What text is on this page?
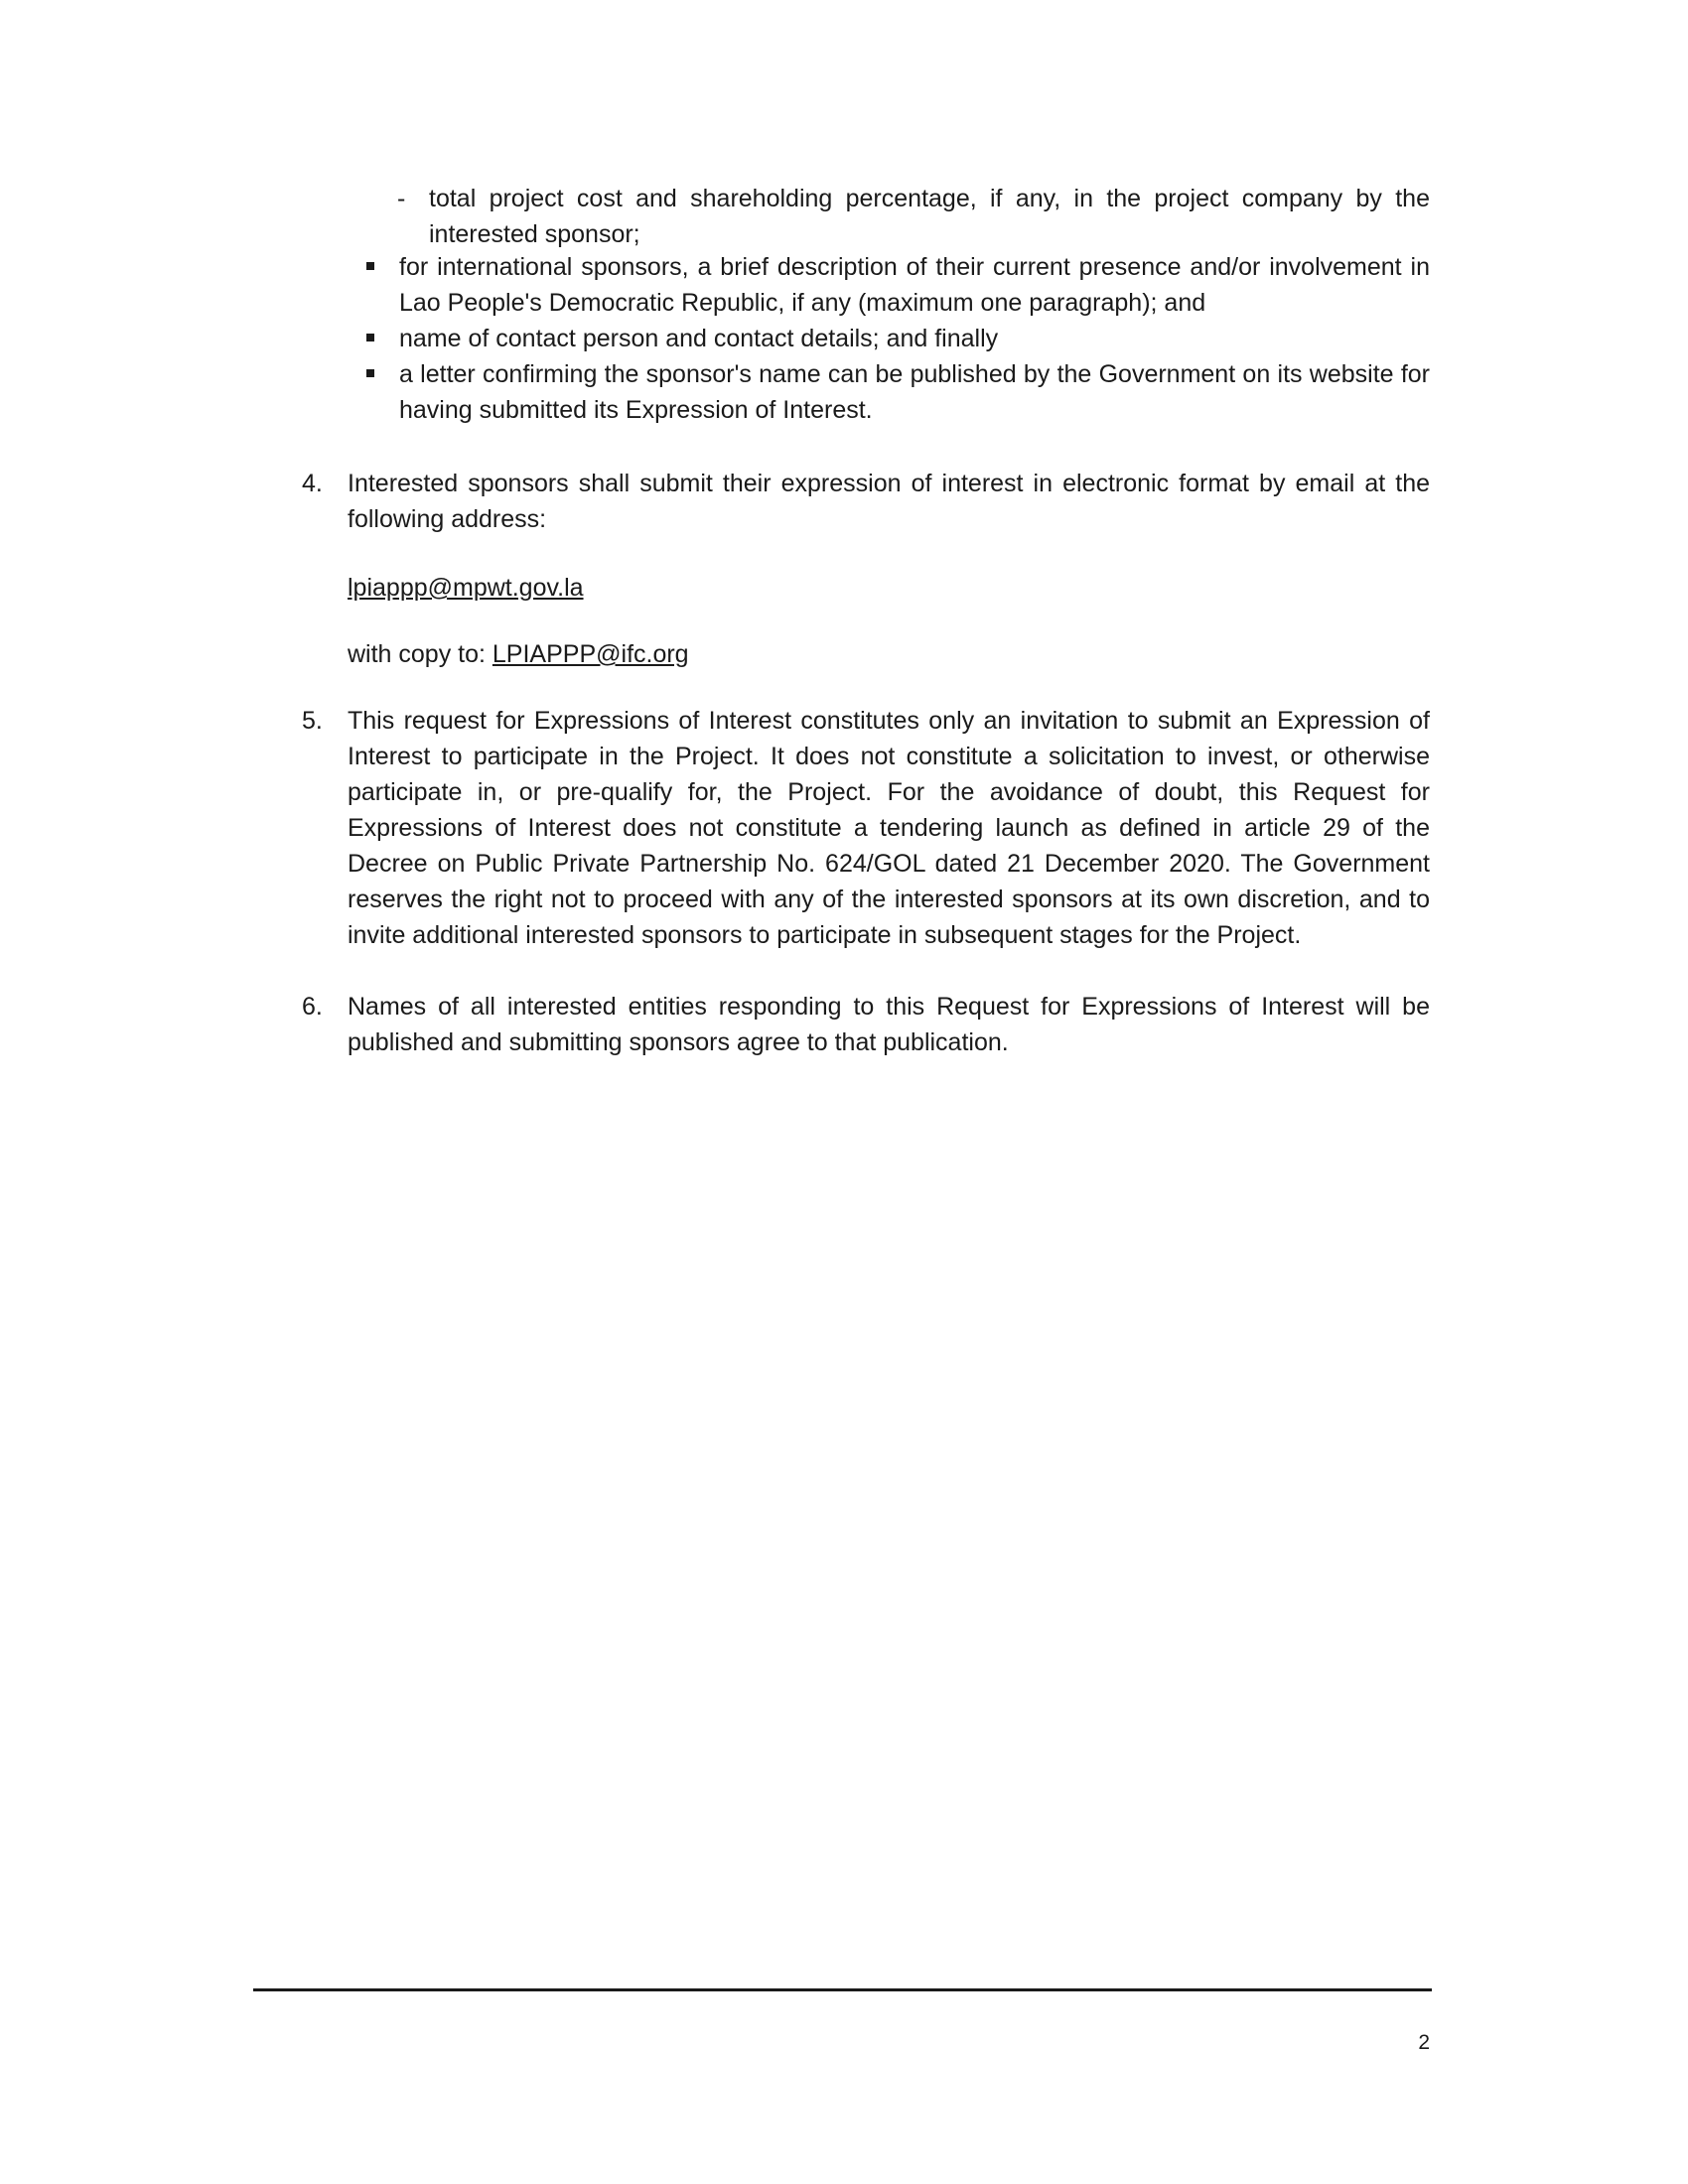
- total project cost and shareholding percentage, if any, in the project company by the interested sponsor;
for international sponsors, a brief description of their current presence and/or involvement in Lao People's Democratic Republic, if any (maximum one paragraph); and
name of contact person and contact details; and finally
a letter confirming the sponsor's name can be published by the Government on its website for having submitted its Expression of Interest.
4. Interested sponsors shall submit their expression of interest in electronic format by email at the following address:
lpiappp@mpwt.gov.la
with copy to: LPIAPPP@ifc.org
5. This request for Expressions of Interest constitutes only an invitation to submit an Expression of Interest to participate in the Project. It does not constitute a solicitation to invest, or otherwise participate in, or pre-qualify for, the Project. For the avoidance of doubt, this Request for Expressions of Interest does not constitute a tendering launch as defined in article 29 of the Decree on Public Private Partnership No. 624/GOL dated 21 December 2020. The Government reserves the right not to proceed with any of the interested sponsors at its own discretion, and to invite additional interested sponsors to participate in subsequent stages for the Project.
6. Names of all interested entities responding to this Request for Expressions of Interest will be published and submitting sponsors agree to that publication.
2
